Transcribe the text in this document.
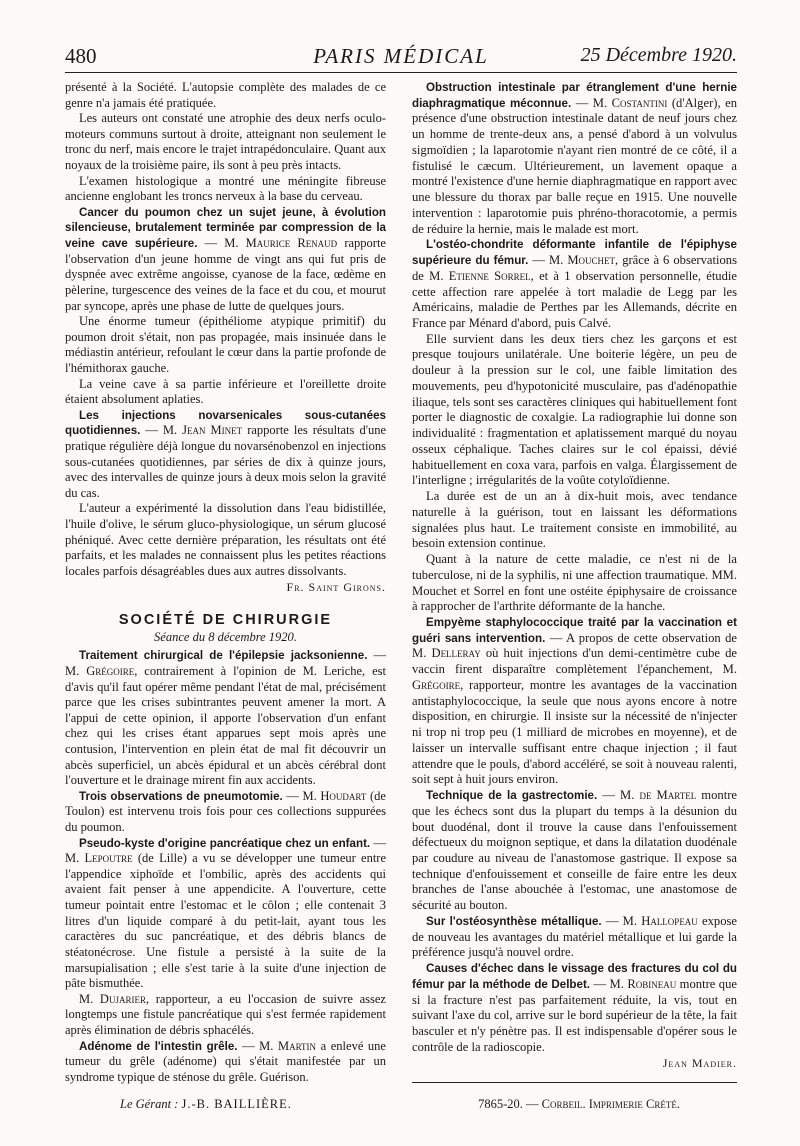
480	PARIS MÉDICAL	25 Décembre 1920.

présenté à la Société. L'autopsie complète des malades de ce genre n'a jamais été pratiquée.

Les auteurs ont constaté une atrophie des deux nerfs oculo-moteurs communs surtout à droite, atteignant non seulement le tronc du nerf, mais encore le trajet intrapédonculaire. Quant aux noyaux de la troisième paire, ils sont à peu près intacts.

L'examen histologique a montré une méningite fibreuse ancienne englobant les troncs nerveux à la base du cerveau.

Cancer du poumon chez un sujet jeune, à évolution silencieuse, brutalement terminée par compression de la veine cave supérieure. — M. Maurice Renaud rapporte l'observation d'un jeune homme de vingt ans qui fut pris de dyspnée avec extrême angoisse, cyanose de la face, œdème en pèlerine, turgescence des veines de la face et du cou, et mourut par syncope, après une phase de lutte de quelques jours.

Une énorme tumeur (épithéliome atypique primitif) du poumon droit s'était, non pas propagée, mais insinuée dans le médiastin antérieur, refoulant le cœur dans la partie profonde de l'hémithorax gauche.

La veine cave à sa partie inférieure et l'oreillette droite étaient absolument aplaties.

Les injections novarsenicales sous-cutanées quotidiennes. — M. Jean Minet rapporte les résultats d'une pratique régulière déjà longue du novarsénobenzol en injections sous-cutanées quotidiennes, par séries de dix à quinze jours, avec des intervalles de quinze jours à deux mois selon la gravité du cas.

L'auteur a expérimenté la dissolution dans l'eau bidistillée, l'huile d'olive, le sérum gluco-physiologique, un sérum glucosé phéniqué. Avec cette dernière préparation, les résultats ont été parfaits, et les malades ne connaissent plus les petites réactions locales parfois désagréables dues aux autres dissolvants.

Fr. Saint Girons.

SOCIÉTÉ DE CHIRURGIE
Séance du 8 décembre 1920.

Traitement chirurgical de l'épilepsie jacksonienne. — M. Grégoire, contrairement à l'opinion de M. Leriche, est d'avis qu'il faut opérer même pendant l'état de mal, précisément parce que les crises subintrantes peuvent amener la mort. A l'appui de cette opinion, il apporte l'observation d'un enfant chez qui les crises étant apparues sept mois après une contusion, l'intervention en plein état de mal fit découvrir un abcès superficiel, un abcès épidural et un abcès cérébral dont l'ouverture et le drainage mirent fin aux accidents.

Trois observations de pneumotomie. — M. Houdart (de Toulon) est intervenu trois fois pour ces collections suppurées du poumon.

Pseudo-kyste d'origine pancréatique chez un enfant. — M. Lepoutre (de Lille) a vu se développer une tumeur entre l'appendice xiphoïde et l'ombilic, après des accidents qui avaient fait penser à une appendicite. A l'ouverture, cette tumeur pointait entre l'estomac et le côlon ; elle contenait 3 litres d'un liquide comparé à du petit-lait, ayant tous les caractères du suc pancréatique, et des débris blancs de stéatonécrose. Une fistule a persisté à la suite de la marsupialisation ; elle s'est tarie à la suite d'une injection de pâte bismuthée.

M. Dujarier, rapporteur, a eu l'occasion de suivre assez longtemps une fistule pancréatique qui s'est fermée rapidement après élimination de débris sphacélés.

Adénome de l'intestin grêle. — M. Martin a enlevé une tumeur du grêle (adénome) qui s'était manifestée par un syndrome typique de sténose du grêle. Guérison.

Obstruction intestinale par étranglement d'une hernie diaphragmatique méconnue. — M. Costantini (d'Alger), en présence d'une obstruction intestinale datant de neuf jours chez un homme de trente-deux ans, a pensé d'abord à un volvulus sigmoïdien ; la laparotomie n'ayant rien montré de ce côté, il a fistulisé le cæcum. Ultérieurement, un lavement opaque a montré l'existence d'une hernie diaphragmatique en rapport avec une blessure du thorax par balle reçue en 1915. Une nouvelle intervention : laparotomie puis phréno-thoracotomie, a permis de réduire la hernie, mais le malade est mort.

L'ostéo-chondrite déformante infantile de l'épiphyse supérieure du fémur. — M. Mouchet, grâce à 6 observations de M. Etienne Sorrel, et à 1 observation personnelle, étudie cette affection rare appelée à tort maladie de Legg par les Américains, maladie de Perthes par les Allemands, décrite en France par Ménard d'abord, puis Calvé.

Elle survient dans les deux tiers chez les garçons et est presque toujours unilatérale. Une boiterie légère, un peu de douleur à la pression sur le col, une faible limitation des mouvements, peu d'hypotonicité musculaire, pas d'adénopathie iliaque, tels sont ses caractères cliniques qui habituellement font porter le diagnostic de coxalgie. La radiographie lui donne son individualité : fragmentation et aplatissement marqué du noyau osseux céphalique. Taches claires sur le col épaissi, dévié habituellement en coxa vara, parfois en valga. Élargissement de l'interligne ; irrégularités de la voûte cotyloïdienne.

La durée est de un an à dix-huit mois, avec tendance naturelle à la guérison, tout en laissant les déformations signalées plus haut. Le traitement consiste en immobilité, au besoin extension continue.

Quant à la nature de cette maladie, ce n'est ni de la tuberculose, ni de la syphilis, ni une affection traumatique. MM. Mouchet et Sorrel en font une ostéite épiphysaire de croissance à rapprocher de l'arthrite déformante de la hanche.

Empyème staphylococcique traité par la vaccination et guéri sans intervention. — A propos de cette observation de M. Delleray où huit injections d'un demi-centimètre cube de vaccin firent disparaître complètement l'épanchement, M. Grégoire, rapporteur, montre les avantages de la vaccination antistaphylococcique, la seule que nous ayons encore à notre disposition, en chirurgie. Il insiste sur la nécessité de n'injecter ni trop ni trop peu (1 milliard de microbes en moyenne), et de laisser un intervalle suffisant entre chaque injection ; il faut attendre que le pouls, d'abord accéléré, se soit à nouveau ralenti, soit sept à huit jours environ.

Technique de la gastrectomie. — M. de Martel montre que les échecs sont dus la plupart du temps à la désunion du bout duodénal, dont il trouve la cause dans l'enfouissement défectueux du moignon septique, et dans la dilatation duodénale par coudure au niveau de l'anastomose gastrique. Il expose sa technique d'enfouissement et conseille de faire entre les deux branches de l'anse abouchée à l'estomac, une anastomose de sécurité au bouton.

Sur l'ostéosynthèse métallique. — M. Hallopeau expose de nouveau les avantages du matériel métallique et lui garde la préférence jusqu'à nouvel ordre.

Causes d'échec dans le vissage des fractures du col du fémur par la méthode de Delbet. — M. Robineau montre que si la fracture n'est pas parfaitement réduite, la vis, tout en suivant l'axe du col, arrive sur le bord supérieur de la tête, la fait basculer et n'y pénètre pas. Il est indispensable d'opérer sous le contrôle de la radioscopie.

Jean Madier.

Le Gérant : J.-B. BAILLIÈRE.	7865-20. — Corbeil. Imprimerie Crété.
